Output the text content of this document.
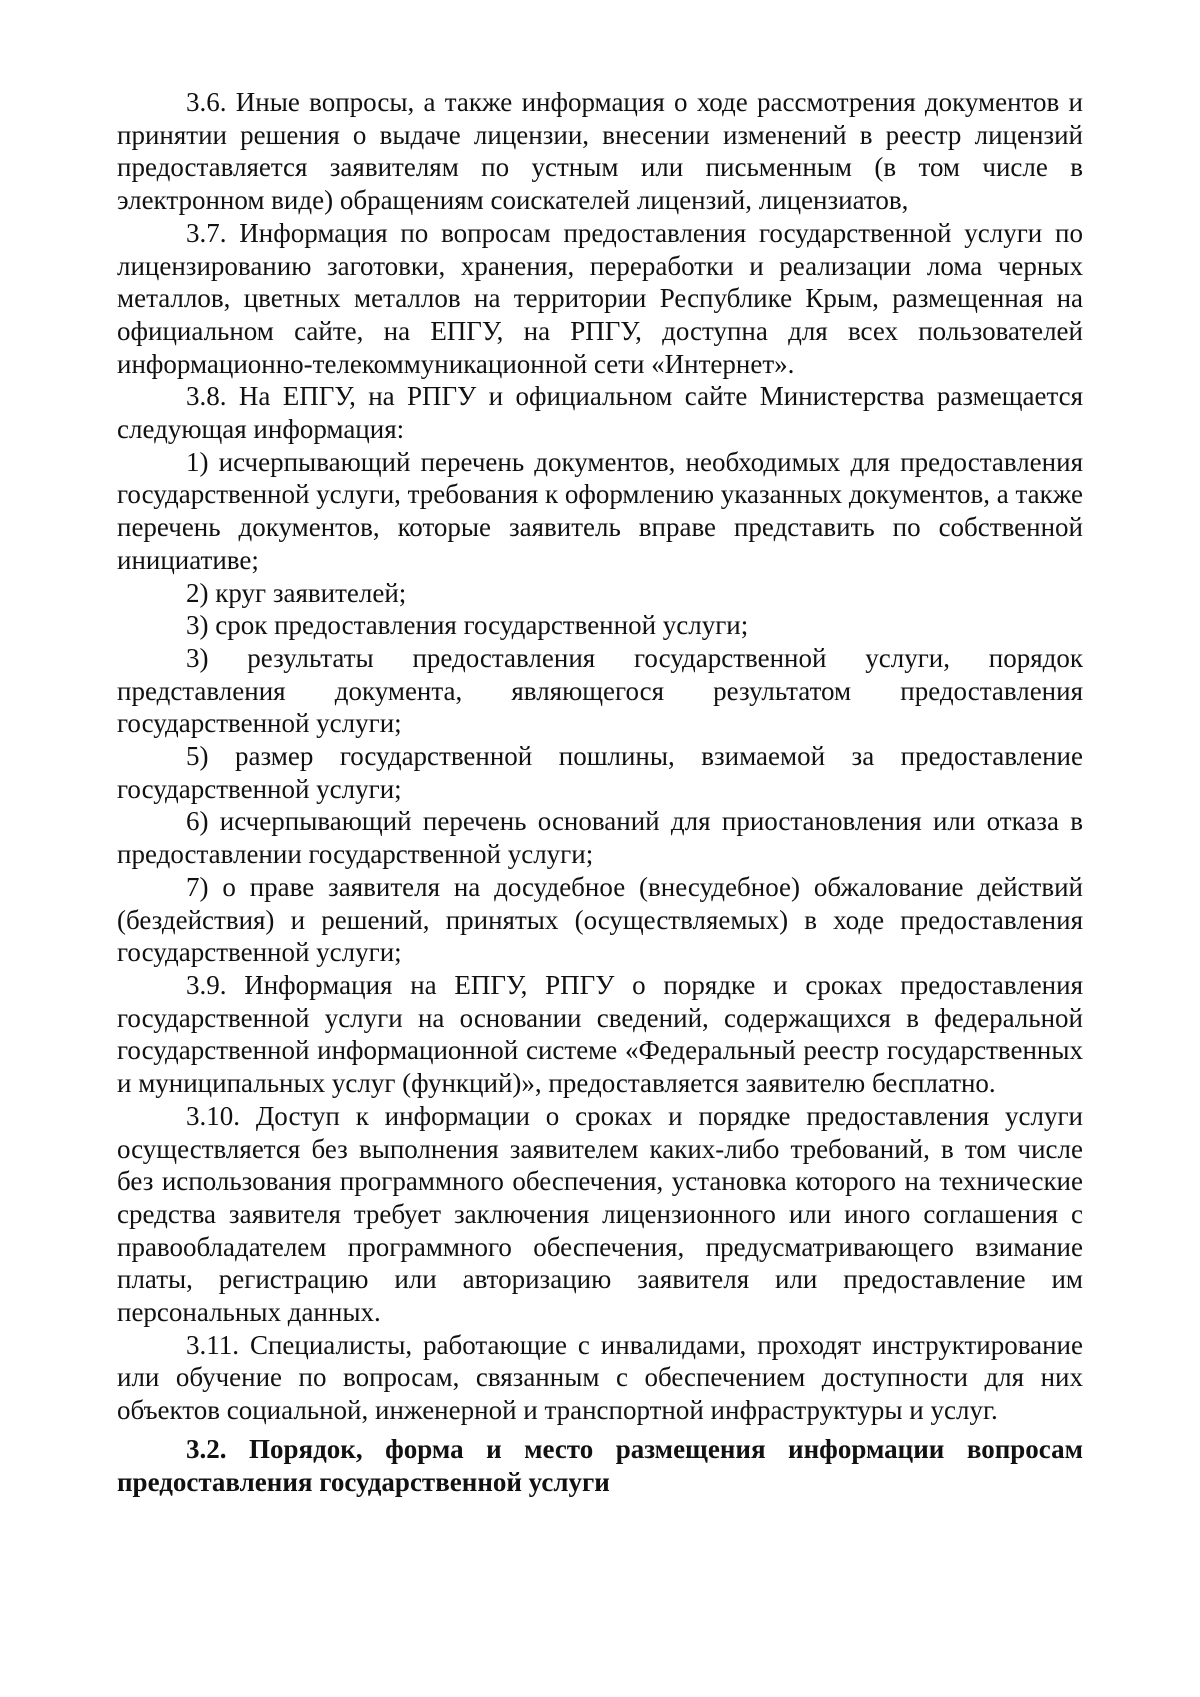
3.6. Иные вопросы, а также информация о ходе рассмотрения документов и принятии решения о выдаче лицензии, внесении изменений в реестр лицензий предоставляется заявителям по устным или письменным (в том числе в электронном виде) обращениям соискателей лицензий, лицензиатов,

3.7. Информация по вопросам предоставления государственной услуги по лицензированию заготовки, хранения, переработки и реализации лома черных металлов, цветных металлов на территории Республике Крым, размещенная на официальном сайте, на ЕПГУ, на РПГУ, доступна для всех пользователей информационно-телекоммуникационной сети «Интернет».

3.8. На ЕПГУ, на РПГУ и официальном сайте Министерства размещается следующая информация:

1) исчерпывающий перечень документов, необходимых для предоставления государственной услуги, требования к оформлению указанных документов, а также перечень документов, которые заявитель вправе представить по собственной инициативе;

2) круг заявителей;

3) срок предоставления государственной услуги;

3) результаты предоставления государственной услуги, порядок представления документа, являющегося результатом предоставления государственной услуги;

5) размер государственной пошлины, взимаемой за предоставление государственной услуги;

6) исчерпывающий перечень оснований для приостановления или отказа в предоставлении государственной услуги;

7) о праве заявителя на досудебное (внесудебное) обжалование действий (бездействия) и решений, принятых (осуществляемых) в ходе предоставления государственной услуги;

3.9. Информация на ЕПГУ, РПГУ о порядке и сроках предоставления государственной услуги на основании сведений, содержащихся в федеральной государственной информационной системе «Федеральный реестр государственных и муниципальных услуг (функций)», предоставляется заявителю бесплатно.

3.10. Доступ к информации о сроках и порядке предоставления услуги осуществляется без выполнения заявителем каких-либо требований, в том числе без использования программного обеспечения, установка которого на технические средства заявителя требует заключения лицензионного или иного соглашения с правообладателем программного обеспечения, предусматривающего взимание платы, регистрацию или авторизацию заявителя или предоставление им персональных данных.

3.11. Специалисты, работающие с инвалидами, проходят инструктирование или обучение по вопросам, связанным с обеспечением доступности для них объектов социальной, инженерной и транспортной инфраструктуры и услуг.

3.2. Порядок, форма и место размещения информации вопросам предоставления государственной услуги
